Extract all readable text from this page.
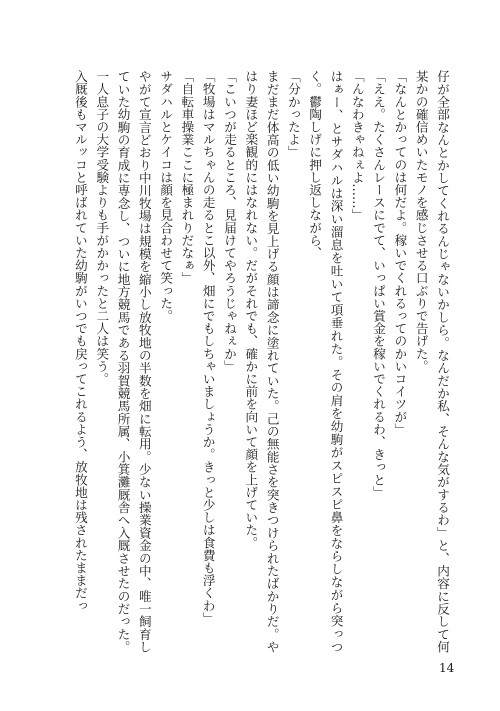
仔が全部なんとかしてくれるんじゃないかしら。なんだか私、そんな気がするわ」と、内容に反して何某かの確信めいたモノを感じさせる口ぶりで告げた。

「なんとかってのは何だよ。稼いでくれるってのかいコイツが」

「ええ。たくさんレースにでて、いっぱい賞金を稼いでくれるわ、きっと」

「んなわきゃねぇよ……」

はぁー、とサダハルは深い溜息を吐いて項垂れた。その肩を幼駒がスピスピ鼻をならしながら突っつく。鬱陶しげに押し返しながら、

「分かったよ」

まだまだ体高の低い幼駒を見上げる顔は諦念に塗れていた。己の無能さを突きつけられたばかりだ。やはり妻ほど楽観的にはなれない。だがそれでも、確かに前を向いて顔を上げていた。

「こいつが走るところ、見届けてやろうじゃねぇか」

「牧場はマルちゃんの走るとこ以外、畑にでもしちゃいましょうか。きっと少しは食費も浮くわ」

「自転車操業ここに極まれりだなぁ」

サダハルとケイコは顔を見合わせて笑った。

やがて宣言どおり中川牧場は規模を縮小し放牧地の半数を畑に転用。少ない操業資金の中、唯一飼育していた幼駒の育成に専念し、ついに地方競馬である羽賀競馬所属、小箕灘厩舎へ入厩させたのだった。一人息子の大学受験よりも手がかかったと二人は笑う。

入厩後もマルッコと呼ばれていた幼駒がいつでも戻ってこれるよう、放牧地は残されたままだっ

14
